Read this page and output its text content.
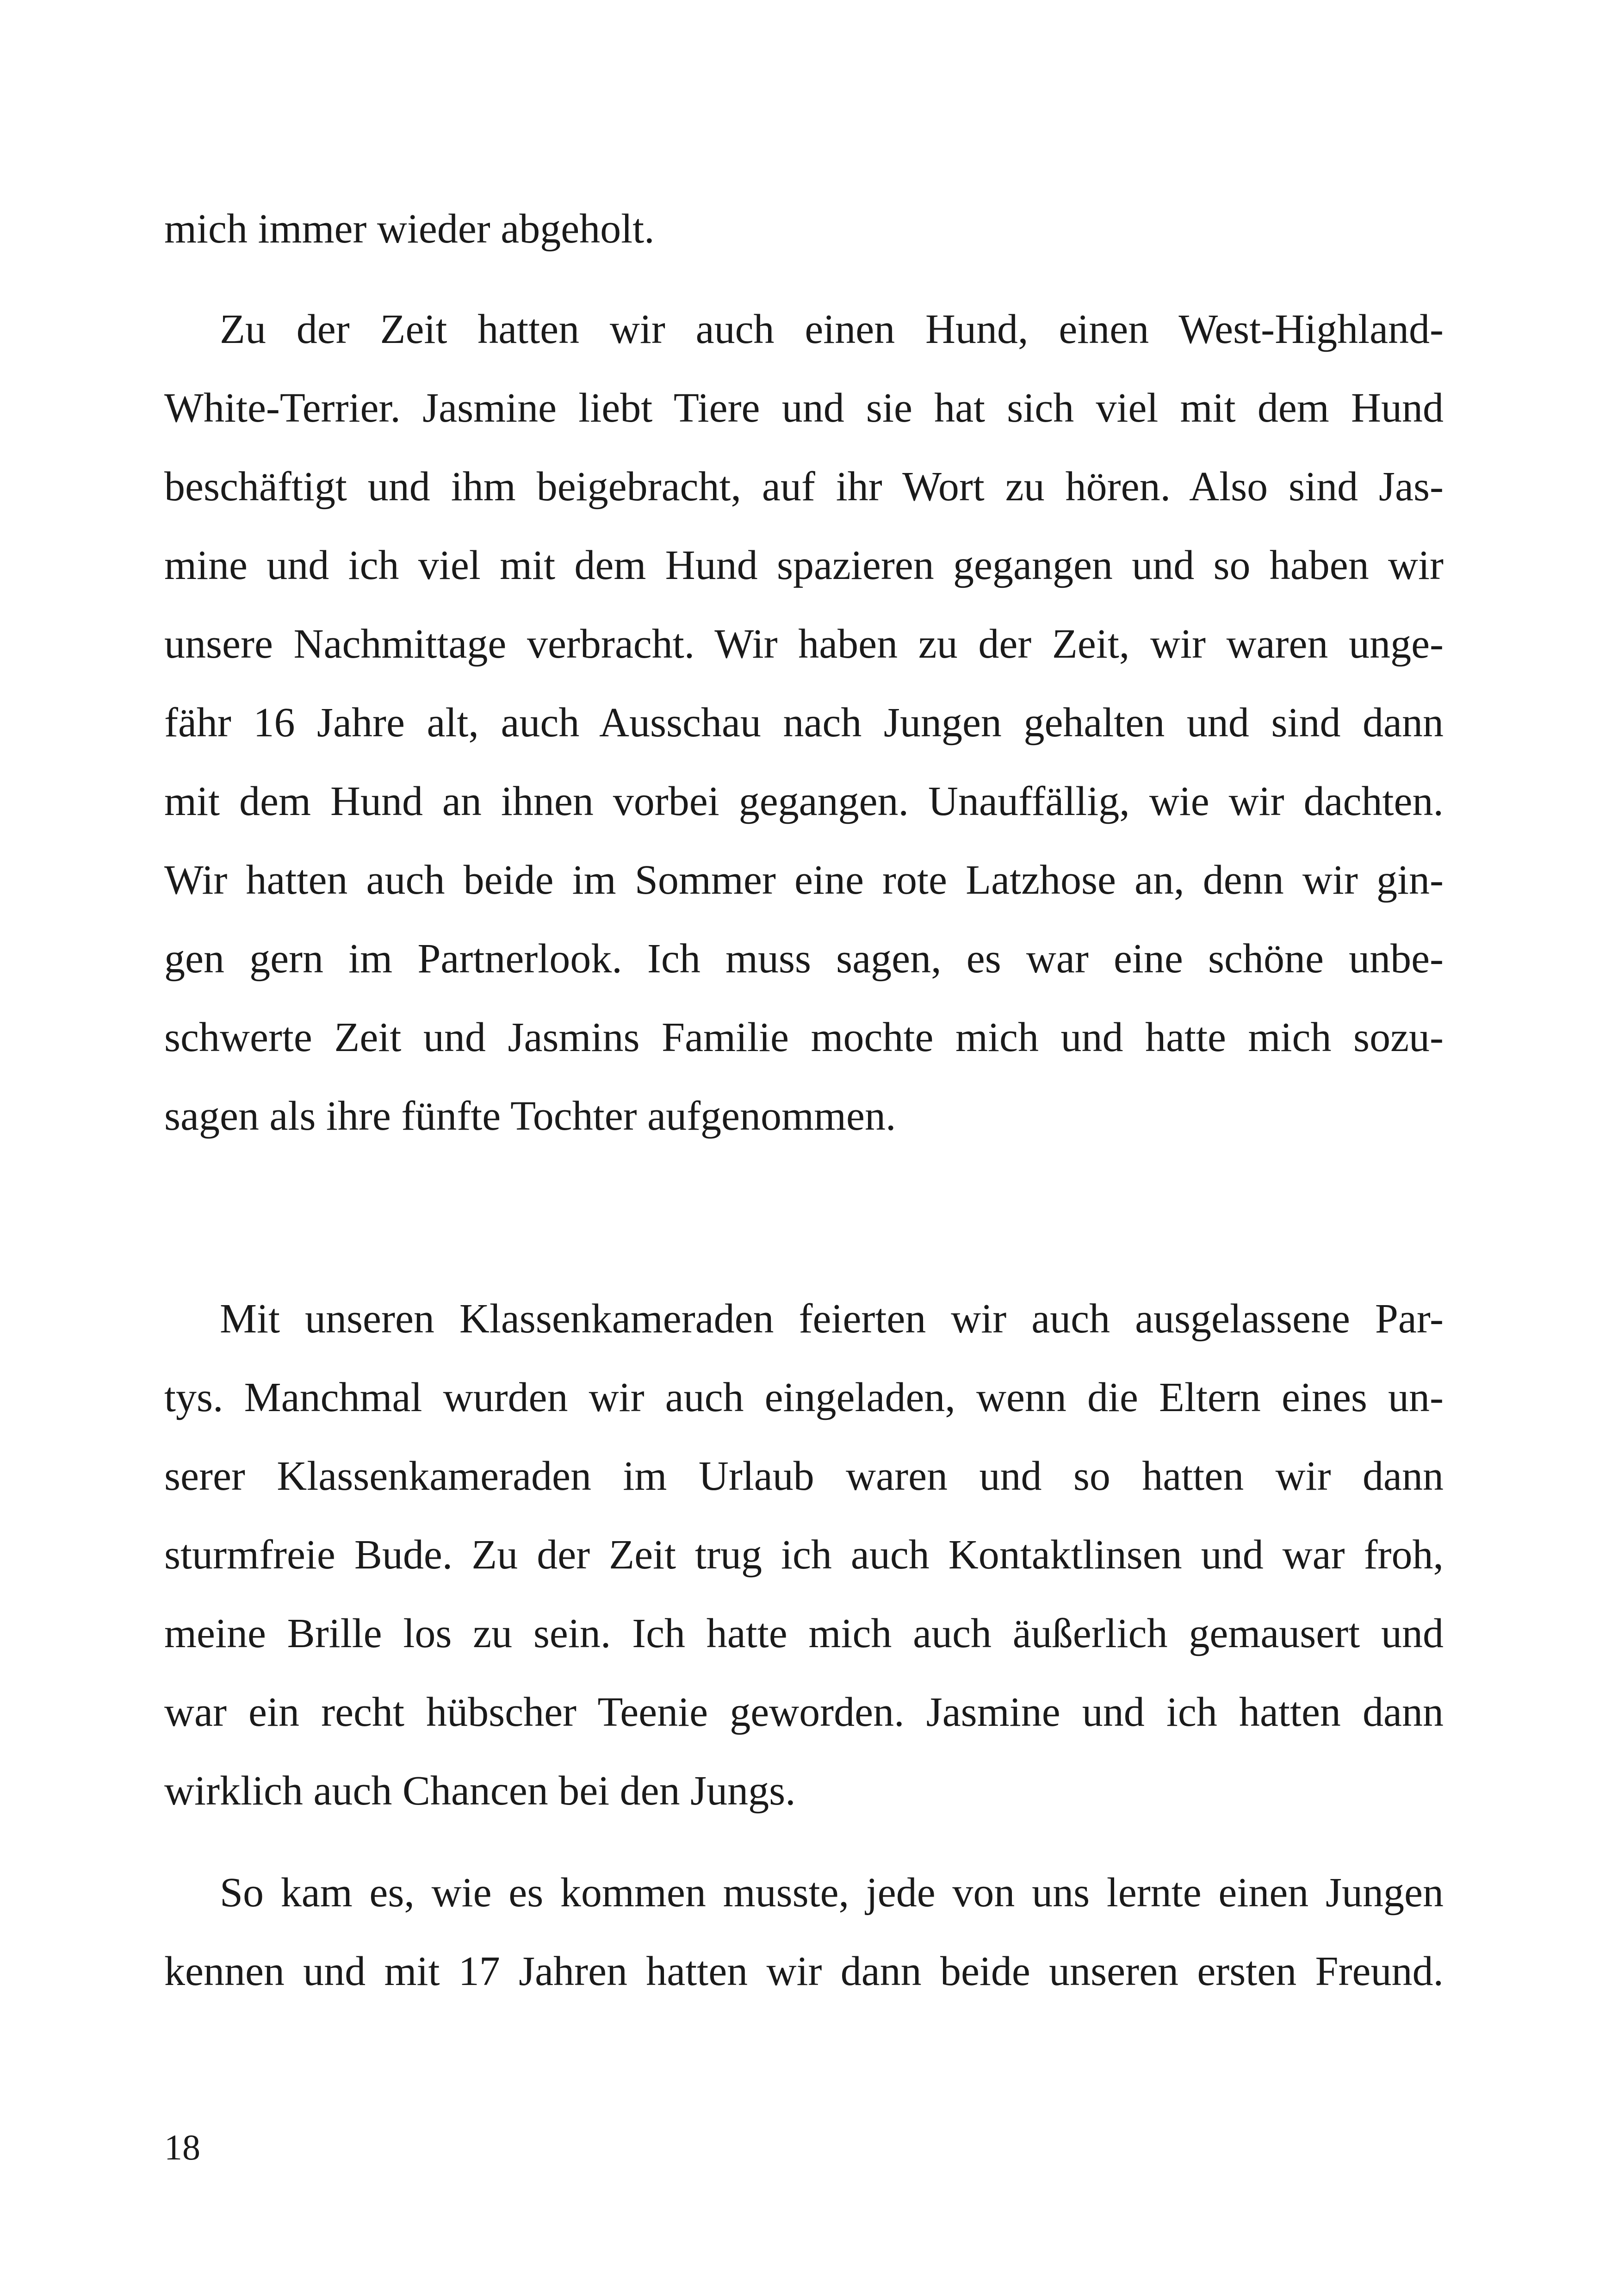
mich immer wieder abgeholt.
Zu der Zeit hatten wir auch einen Hund, einen West-Highland-
White-Terrier. Jasmine liebt Tiere und sie hat sich viel mit dem Hund
beschäftigt und ihm beigebracht, auf ihr Wort zu hören. Also sind Jas-
mine und ich viel mit dem Hund spazieren gegangen und so haben wir
unsere Nachmittage verbracht. Wir haben zu der Zeit, wir waren unge-
fähr 16 Jahre alt, auch Ausschau nach Jungen gehalten und sind dann
mit dem Hund an ihnen vorbei gegangen. Unauffällig, wie wir dachten.
Wir hatten auch beide im Sommer eine rote Latzhose an, denn wir gin-
gen gern im Partnerlook. Ich muss sagen, es war eine schöne unbe-
schwerte Zeit und Jasmins Familie mochte mich und hatte mich sozu-
sagen als ihre fünfte Tochter aufgenommen.
Mit unseren Klassenkameraden feierten wir auch ausgelassene Par-
tys. Manchmal wurden wir auch eingeladen, wenn die Eltern eines un-
serer Klassenkameraden im Urlaub waren und so hatten wir dann
sturmfreie Bude. Zu der Zeit trug ich auch Kontaktlinsen und war froh,
meine Brille los zu sein. Ich hatte mich auch äußerlich gemausert und
war ein recht hübscher Teenie geworden. Jasmine und ich hatten dann
wirklich auch Chancen bei den Jungs.
So kam es, wie es kommen musste, jede von uns lernte einen Jungen
kennen und mit 17 Jahren hatten wir dann beide unseren ersten Freund.
18
